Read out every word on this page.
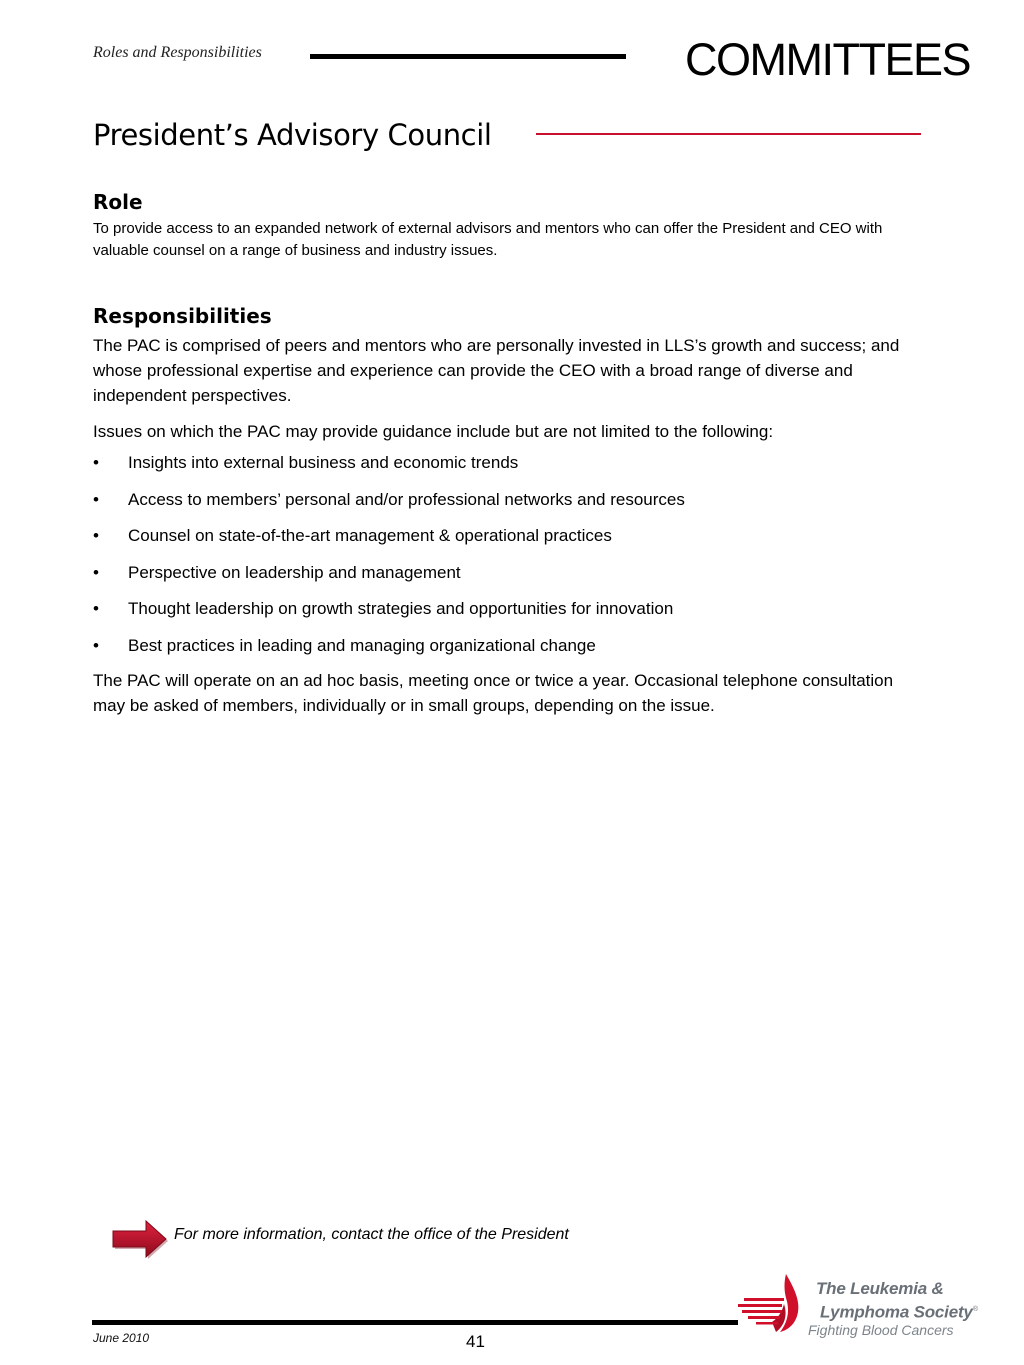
Roles and Responsibilities	COMMITTEES
President’s Advisory Council
Role

To provide access to an expanded network of external advisors and mentors who can offer the President and CEO with valuable counsel on a range of business and industry issues.

Responsibilities

The PAC is comprised of peers and mentors who are personally invested in LLS’s growth and success; and whose professional expertise and experience can provide the CEO with a broad range of diverse and independent perspectives.

Issues on which the PAC may provide guidance include but are not limited to the following:

• Insights into external business and economic trends
• Access to members’ personal and/or professional networks and resources
• Counsel on state-of-the-art management & operational practices
• Perspective on leadership and management
• Thought leadership on growth strategies and opportunities for innovation
• Best practices in leading and managing organizational change

The PAC will operate on an ad hoc basis, meeting once or twice a year. Occasional telephone consultation may be asked of members, individually or in small groups, depending on the issue.

For more information, contact the office of the President
June 2010	41
The Leukemia &
Lymphoma Society®
Fighting Blood Cancers
